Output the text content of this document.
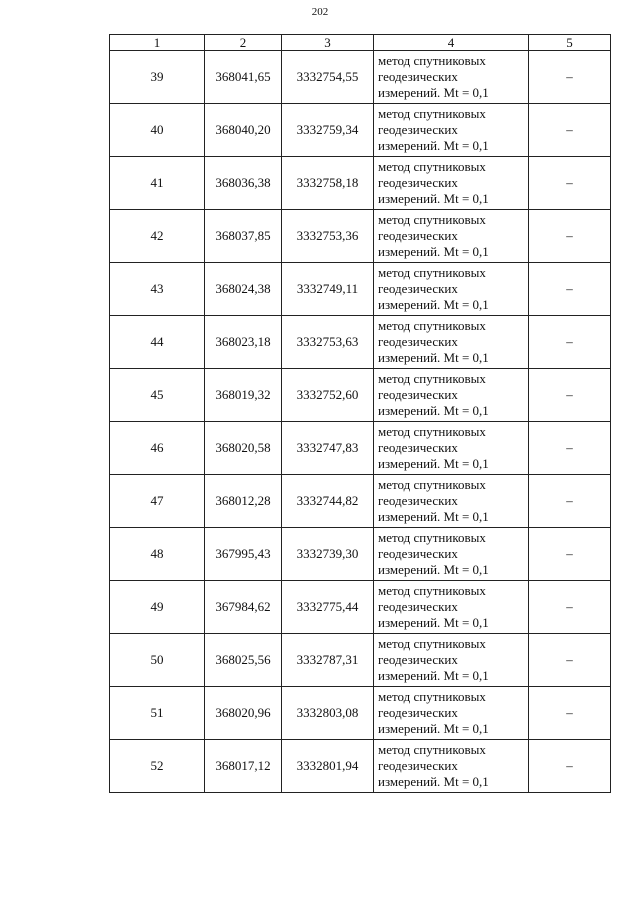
202
1	2	3	4	5
39	368041,65	3332754,55	метод спутниковых
геодезических
измерений. Mt = 0,1	–
40	368040,20	3332759,34	метод спутниковых
геодезических
измерений. Mt = 0,1	–
41	368036,38	3332758,18	метод спутниковых
геодезических
измерений. Mt = 0,1	–
42	368037,85	3332753,36	метод спутниковых
геодезических
измерений. Mt = 0,1	–
43	368024,38	3332749,11	метод спутниковых
геодезических
измерений. Mt = 0,1	–
44	368023,18	3332753,63	метод спутниковых
геодезических
измерений. Mt = 0,1	–
45	368019,32	3332752,60	метод спутниковых
геодезических
измерений. Mt = 0,1	–
46	368020,58	3332747,83	метод спутниковых
геодезических
измерений. Mt = 0,1	–
47	368012,28	3332744,82	метод спутниковых
геодезических
измерений. Mt = 0,1	–
48	367995,43	3332739,30	метод спутниковых
геодезических
измерений. Mt = 0,1	–
49	367984,62	3332775,44	метод спутниковых
геодезических
измерений. Mt = 0,1	–
50	368025,56	3332787,31	метод спутниковых
геодезических
измерений. Mt = 0,1	–
51	368020,96	3332803,08	метод спутниковых
геодезических
измерений. Mt = 0,1	–
52	368017,12	3332801,94	метод спутниковых
геодезических
измерений. Mt = 0,1	–
